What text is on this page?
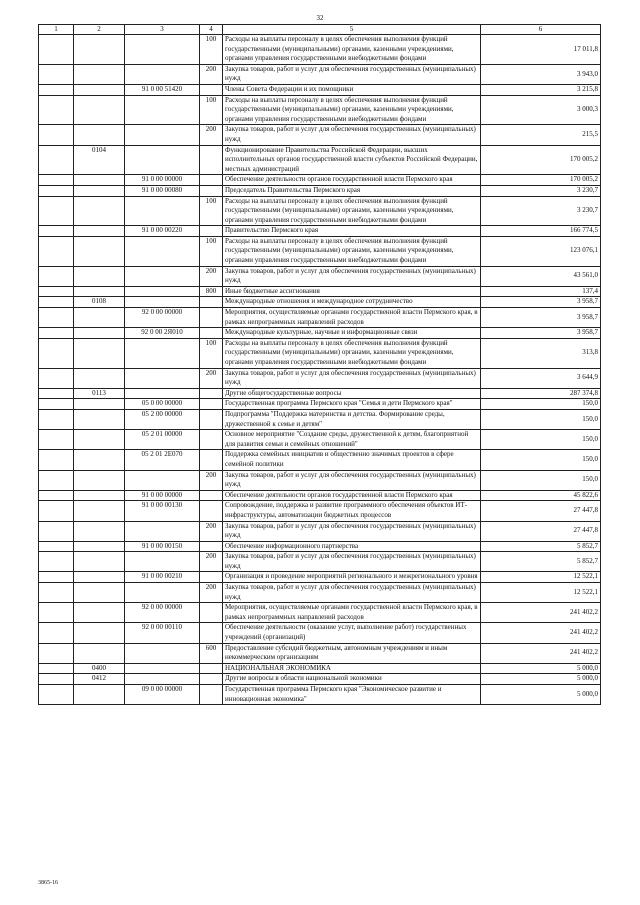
32
1	2	3	4	5	6
			100	Расходы на выплаты персоналу в целях обеспечения выполнения функций государственными (муниципальными) органами, казенными учреждениями, органами управления государственными внебюджетными фондами	17 011,8
			200	Закупка товаров, работ и услуг для обеспечения государственных (муниципальных) нужд	3 943,0
		91 0 00 51420		Члены Совета Федерации и их помощники	3 215,8
			100	Расходы на выплаты персоналу в целях обеспечения выполнения функций государственными (муниципальными) органами, казенными учреждениями, органами управления государственными внебюджетными фондами	3 000,3
			200	Закупка товаров, работ и услуг для обеспечения государственных (муниципальных) нужд	215,5
	0104			Функционирование Правительства Российской Федерации, высших исполнительных органов государственной власти субъектов Российской Федерации, местных администраций	170 005,2
		91 0 00 00000		Обеспечение деятельности органов государственной власти Пермского края	170 005,2
		91 0 00 00080		Председатель Правительства Пермского края	3 230,7
			100	Расходы на выплаты персоналу в целях обеспечения выполнения функций государственными (муниципальными) органами, казенными учреждениями, органами управления государственными внебюджетными фондами	3 230,7
		91 0 00 00220		Правительство Пермского края	166 774,5
			100	Расходы на выплаты персоналу в целях обеспечения выполнения функций государственными (муниципальными) органами, казенными учреждениями, органами управления государственными внебюджетными фондами	123 076,1
			200	Закупка товаров, работ и услуг для обеспечения государственных (муниципальных) нужд	43 561,0
			800	Иные бюджетные ассигнования	137,4
	0108			Международные отношения и международное сотрудничество	3 958,7
		92 0 00 00000		Мероприятия, осуществляемые органами государственной власти Пермского края, в рамках непрограммных направлений расходов	3 958,7
		92 0 00 2Я010		Международные культурные, научные и информационные связи	3 958,7
			100	Расходы на выплаты персоналу в целях обеспечения выполнения функций государственными (муниципальными) органами, казенными учреждениями, органами управления государственными внебюджетными фондами	313,8
			200	Закупка товаров, работ и услуг для обеспечения государственных (муниципальных) нужд	3 644,9
	0113			Другие общегосударственные вопросы	287 374,8
		05 0 00 00000		Государственная программа Пермского края "Семья и дети Пермского края"	150,0
		05 2 00 00000		Подпрограмма "Поддержка материнства и детства. Формирование среды, дружественной к семье и детям"	150,0
		05 2 01 00000		Основное мероприятие "Создание среды, дружественной к детям, благоприятной для развития семьи и семейных отношений"	150,0
		05 2 01 2Е070		Поддержка семейных инициатив и общественно значимых проектов в сфере семейной политики	150,0
			200	Закупка товаров, работ и услуг для обеспечения государственных (муниципальных) нужд	150,0
		91 0 00 00000		Обеспечение деятельности органов государственной власти Пермского края	45 822,6
		91 0 00 00130		Сопровождение, поддержка и развитие программного обеспечения объектов ИТ-инфраструктуры, автоматизации бюджетных процессов	27 447,8
			200	Закупка товаров, работ и услуг для обеспечения государственных (муниципальных) нужд	27 447,8
		91 0 00 00150		Обеспечение информационного партнерства	5 852,7
			200	Закупка товаров, работ и услуг для обеспечения государственных (муниципальных) нужд	5 852,7
		91 0 00 00210		Организация и проведение мероприятий регионального и межрегионального уровня	12 522,1
			200	Закупка товаров, работ и услуг для обеспечения государственных (муниципальных) нужд	12 522,1
		92 0 00 00000		Мероприятия, осуществляемые органами государственной власти Пермского края, в рамках непрограммных направлений расходов	241 402,2
		92 0 00 00110		Обеспечение деятельности (оказание услуг, выполнение работ) государственных учреждений (организаций)	241 402,2
			600	Предоставление субсидий бюджетным, автономным учреждениям и иным некоммерческим организациям	241 402,2
	0400			НАЦИОНАЛЬНАЯ ЭКОНОМИКА	5 000,0
	0412			Другие вопросы в области национальной экономики	5 000,0
		09 0 00 00000		Государственная программа Пермского края "Экономическое развитие и инновационная экономика"	5 000,0
3865-16
